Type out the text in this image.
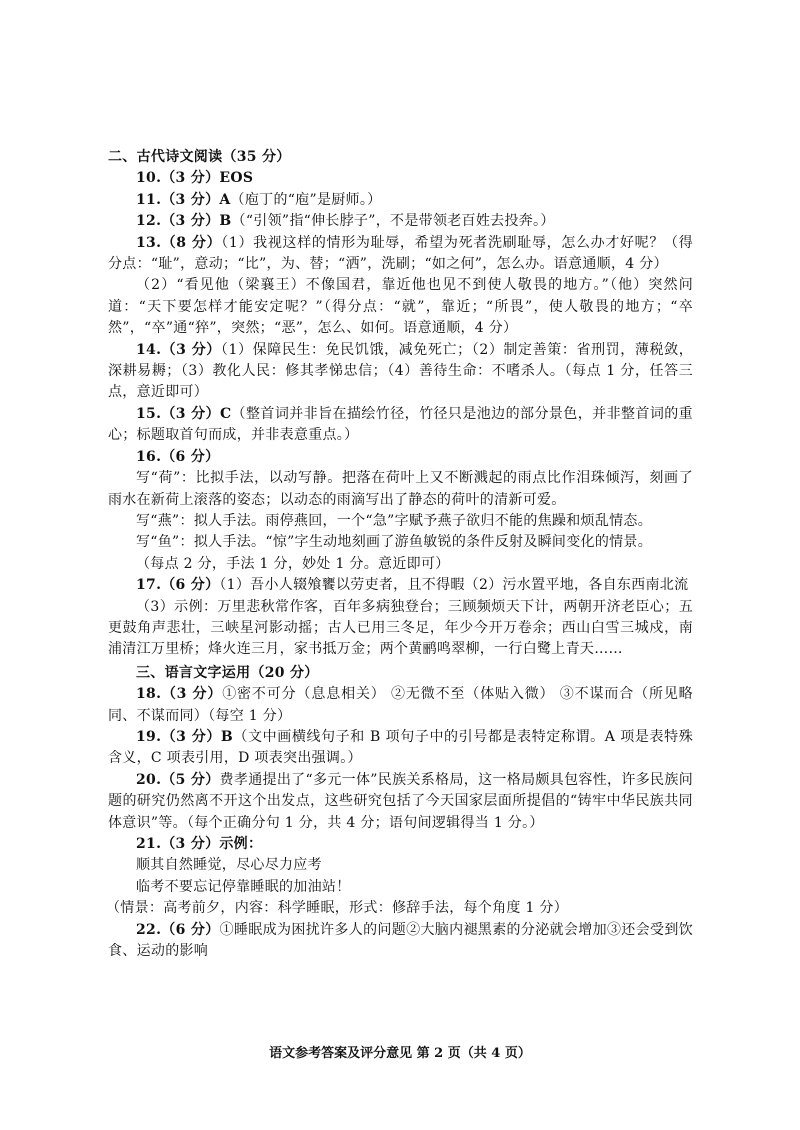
二、古代诗文阅读（35 分）

10.（3 分）EOS

11.（3 分）A（庖丁的“庖”是厨师。）

12.（3 分）B（“引领”指“伸长脖子”，不是带领老百姓去投奔。）

13.（8 分）（1）我视这样的情形为耻辱，希望为死者洗刷耻辱，怎么办才好呢？（得分点：“耻”，意动；“比”，为、替；“洒”，洗刷；“如之何”，怎么办。语意通顺，4 分）

（2）“看见他（梁襄王）不像国君，靠近他也见不到使人敬畏的地方。”（他）突然问道：“天下要怎样才能安定呢？”（得分点：“就”，靠近；“所畏”，使人敬畏的地方；“卒然”，“卒”通“猝”，突然；“恶”，怎么、如何。语意通顺，4 分）

14.（3 分）（1）保障民生：免民饥饿，减免死亡；（2）制定善策：省刑罚，薄税敛，深耕易耨；（3）教化人民：修其孝悌忠信；（4）善待生命：不嗜杀人。（每点 1 分，任答三点，意近即可）

15.（3 分）C（整首词并非旨在描绘竹径，竹径只是池边的部分景色，并非整首词的重心；标题取首句而成，并非表意重点。）

16.（6 分）

写“荷”：比拟手法，以动写静。把落在荷叶上又不断溅起的雨点比作泪珠倾泻，刻画了雨水在新荷上滚落的姿态；以动态的雨滴写出了静态的荷叶的清新可爱。

写“燕”：拟人手法。雨停燕回，一个“急”字赋予燕子欲归不能的焦躁和烦乱情态。

写“鱼”：拟人手法。“惊”字生动地刻画了游鱼敏锐的条件反射及瞬间变化的情景。

（每点 2 分，手法 1 分，妙处 1 分。意近即可）

17.（6 分）（1）吾小人辍飧饔以劳吏者，且不得暇（2）污水置平地，各自东西南北流

（3）示例：万里悲秋常作客，百年多病独登台；三顾频烦天下计，两朝开济老臣心；五更鼓角声悲壮，三峡星河影动摇；古人已用三冬足，年少今开万卷余；西山白雪三城戍，南浦清江万里桥；烽火连三月，家书抵万金；两个黄鹂鸣翠柳，一行白鹭上青天……

三、语言文字运用（20 分）

18.（3 分）①密不可分（息息相关） ②无微不至（体贴入微） ③不谋而合（所见略同、不谋而同）（每空 1 分）

19.（3 分）B（文中画横线句子和 B 项句子中的引号都是表特定称谓。A 项是表特殊含义，C 项表引用，D 项表突出强调。）

20.（5 分）费孝通提出了“多元一体”民族关系格局，这一格局颇具包容性，许多民族问题的研究仍然离不开这个出发点，这些研究包括了今天国家层面所提倡的“铸牢中华民族共同体意识”等。（每个正确分句 1 分，共 4 分；语句间逻辑得当 1 分。）

21.（3 分）示例：

顺其自然睡觉，尽心尽力应考

临考不要忘记停靠睡眠的加油站！

（情景：高考前夕，内容：科学睡眠，形式：修辞手法，每个角度 1 分）

22.（6 分）①睡眠成为困扰许多人的问题②大脑内褪黑素的分泌就会增加③还会受到饮食、运动的影响

语文参考答案及评分意见 第 2 页（共 4 页）
